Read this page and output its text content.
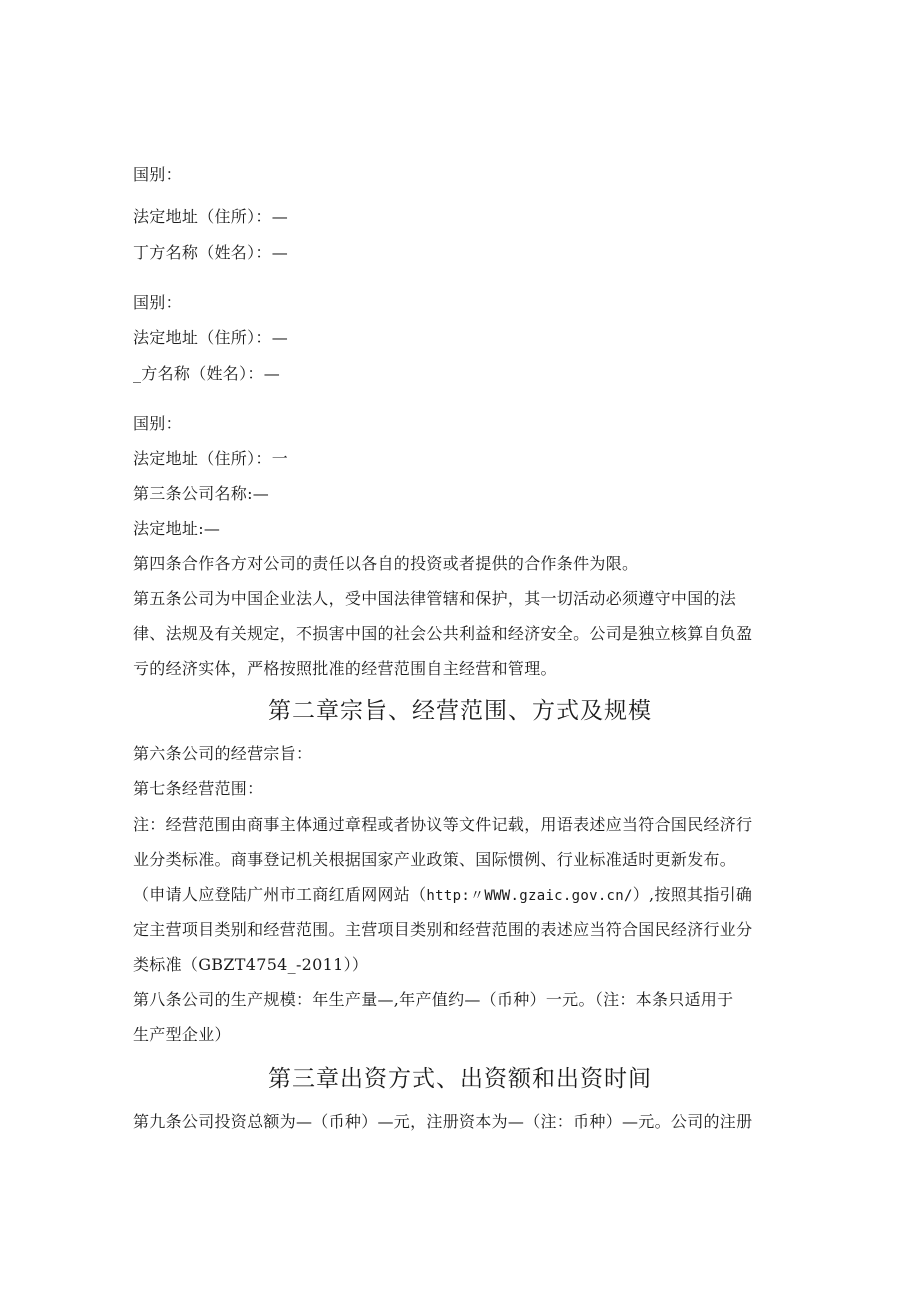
国别：
法定地址（住所）：—
丁方名称（姓名）：—
国别：
法定地址（住所）：—
_方名称（姓名）：—
国别：
法定地址（住所）：一
第三条公司名称:—
法定地址:—
第四条合作各方对公司的责任以各自的投资或者提供的合作条件为限。
第五条公司为中国企业法人，受中国法律管辖和保护，其一切活动必须遵守中国的法
律、法规及有关规定，不损害中国的社会公共利益和经济安全。公司是独立核算自负盈
亏的经济实体，严格按照批准的经营范围自主经营和管理。
第二章宗旨、经营范围、方式及规模
第六条公司的经营宗旨：
第七条经营范围：
注：经营范围由商事主体通过章程或者协议等文件记载，用语表述应当符合国民经济行
业分类标准。商事登记机关根据国家产业政策、国际惯例、行业标准适时更新发布。
（申请人应登陆广州市工商红盾网网站（http:〃WWW.gzaic.gov.cn/）,按照其指引确
定主营项目类别和经营范围。主营项目类别和经营范围的表述应当符合国民经济行业分
类标准（GBZT4754_-2011））
第八条公司的生产规模：年生产量—,年产值约—（币种）一元。（注：本条只适用于
生产型企业）
第三章出资方式、出资额和出资时间
第九条公司投资总额为—（币种）—元，注册资本为—（注：币种）—元。公司的注册
